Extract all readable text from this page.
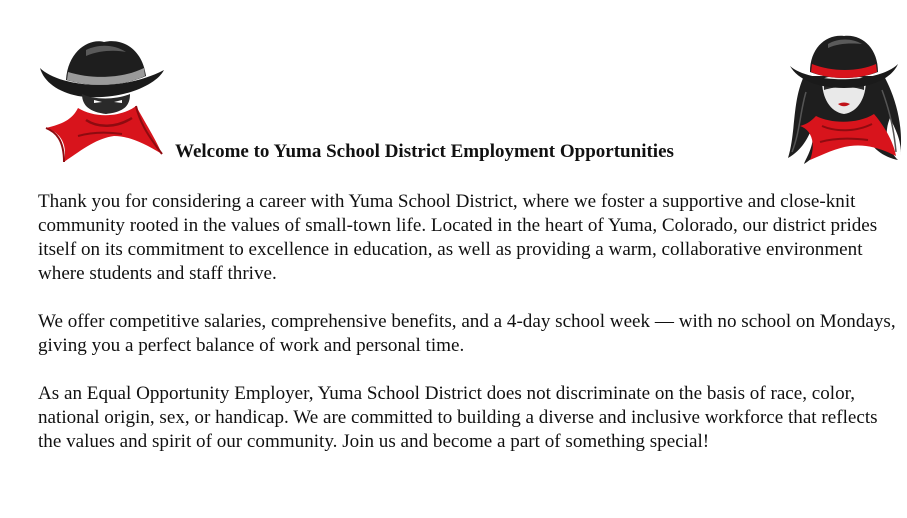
Welcome to Yuma School District Employment Opportunities

Thank you for considering a career with Yuma School District, where we foster a supportive and close-knit community rooted in the values of small-town life. Located in the heart of Yuma, Colorado, our district prides itself on its commitment to excellence in education, as well as providing a warm, collaborative environment where students and staff thrive.

We offer competitive salaries, comprehensive benefits, and a 4-day school week — with no school on Mondays, giving you a perfect balance of work and personal time.

As an Equal Opportunity Employer, Yuma School District does not discriminate on the basis of race, color, national origin, sex, or handicap. We are committed to building a diverse and inclusive workforce that reflects the values and spirit of our community. Join us and become a part of something special!
